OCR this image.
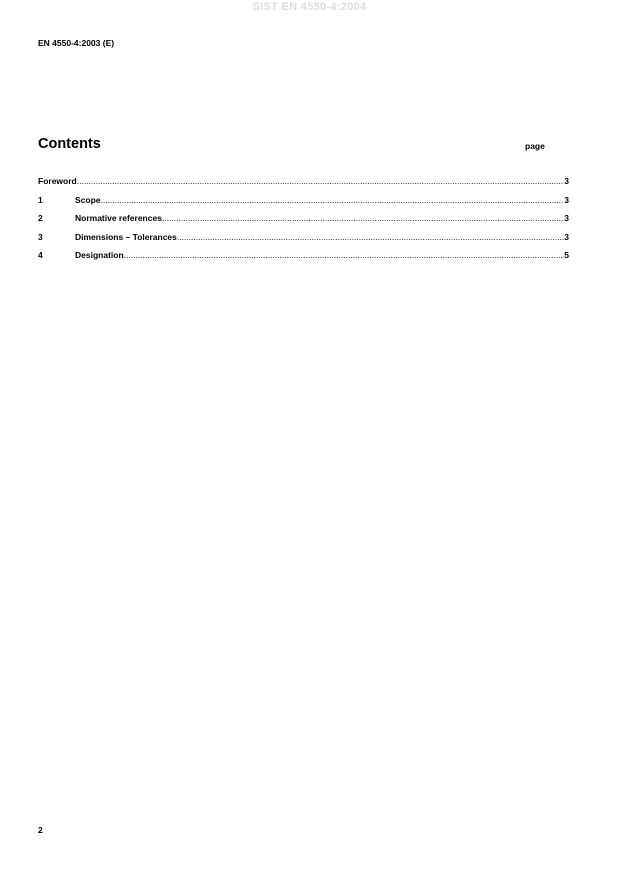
SIST EN 4550-4:2004
EN 4550-4:2003 (E)
Contents	page
Foreword .....	3
1	Scope .....	3
2	Normative references .....	3
3	Dimensions – Tolerances .....	3
4	Designation .....	5
2
